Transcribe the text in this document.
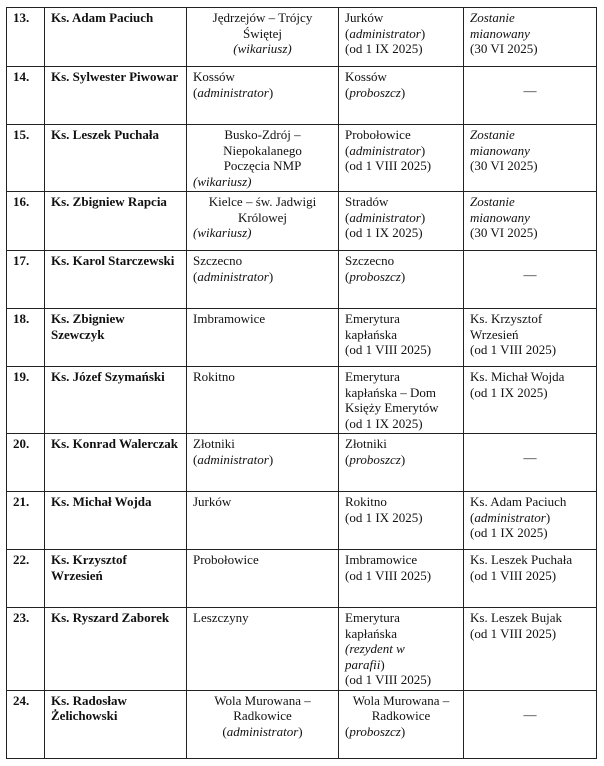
13.	Ks. Adam Paciuch	Jędrzejów – Trójcy
Świętej
(wikariusz)	Jurków
(administrator)
(od 1 IX 2025)	Zostanie
mianowany
(30 VI 2025)

14.	Ks. Sylwester Piwowar	Kossów
(administrator)	Kossów
(proboszcz)	—

15.	Ks. Leszek Puchała	Busko-Zdrój –
Niepokalanego
Poczęcia NMP
(wikariusz)	Probołowice
(administrator)
(od 1 VIII 2025)	Zostanie
mianowany
(30 VI 2025)

16.	Ks. Zbigniew Rapcia	Kielce – św. Jadwigi
Królowej
(wikariusz)	Stradów
(administrator)
(od 1 IX 2025)	Zostanie
mianowany
(30 VI 2025)

17.	Ks. Karol Starczewski	Szczecno
(administrator)	Szczecno
(proboszcz)	—

18.	Ks. Zbigniew Szewczyk	Imbramowice	Emerytura
kapłańska
(od 1 VIII 2025)	Ks. Krzysztof
Wrzesień
(od 1 VIII 2025)

19.	Ks. Józef Szymański	Rokitno	Emerytura
kapłańska – Dom
Księży Emerytów
(od 1 IX 2025)	Ks. Michał Wojda
(od 1 IX 2025)

20.	Ks. Konrad Walerczak	Złotniki
(administrator)	Złotniki
(proboszcz)	—

21.	Ks. Michał Wojda	Jurków	Rokitno
(od 1 IX 2025)	Ks. Adam Paciuch
(administrator)
(od 1 IX 2025)

22.	Ks. Krzysztof Wrzesień	Probołowice	Imbramowice
(od 1 VIII 2025)	Ks. Leszek Puchała
(od 1 VIII 2025)

23.	Ks. Ryszard Zaborek	Leszczyny	Emerytura
kapłańska
(rezydent w
parafii)
(od 1 VIII 2025)	Ks. Leszek Bujak
(od 1 VIII 2025)

24.	Ks. Radosław Żelichowski	Wola Murowana –
Radkowice
(administrator)	Wola Murowana –
Radkowice
(proboszcz)	—
